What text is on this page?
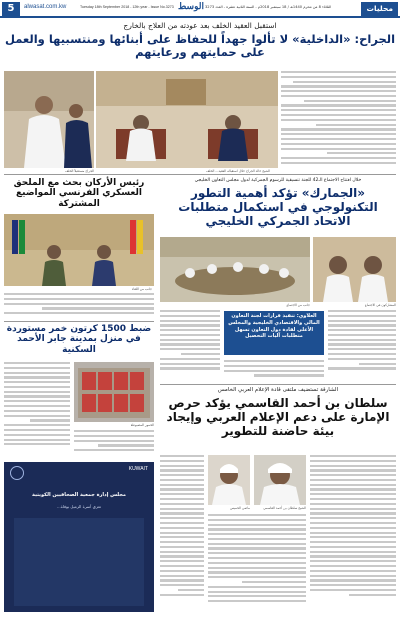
5	alwasat.com.kw	Tuesday 18th September 2018 - 12th year - Issue No.3273 الوسط الثلاثاء 8 من محرم 1440هـ / 18 سبتمبر 2018م - السنة الثانية عشرة - العدد 3273	محليات
استقبل العقيد الخلف بعد عودته من العلاج بالخارج
الجراح: «الداخلية» لا تألوا جهداً للحفاظ على أبنائها ومنتسبيها والعمل على حمايتهم ورعايتهم
الجراح مستقبلاً الخلف	الشيخ خالد الجراح خلال استقباله العقيد... الخلف
رئيس الأركان بحث مع الملحق العسكري الفرنسي المواضيع المشتركة
جانب من اللقاء
ضبط 1500 كرتون خمر مستوردة في منزل بمدينة جابر الأحمد السكنية
الخمور المضبوطة
KUWAIT
مجلس إدارة جمعية الصحافيين الكويتية
تعزي أسرة الزميل بوفاة...
خلال افتتاح الاجتماع الـ42 للجنة تنسيقية للرسوم الجمركية لدول مجلس التعاون الخليجي
«الجمارك» تؤكد أهمية التطور التكنولوجي في استكمال متطلبات الاتحاد الجمركي الخليجي
جانب من الاجتماع	المشاركون في الاجتماع
العلاوي: تنفيذ قرارات لجنة التعاون المالي والاقتصادي الخليجية والمجلس الأعلى لقادة دول التعاون تسهل متطلبات آليات التحصيل
الشارقة تستضيف ملتقى قادة الإعلام العربي الخامس
سلطان بن أحمد القاسمي يؤكد حرص الإمارة على دعم الإعلام العربي وإيجاد بيئة حاضنة للتطوير
ماضي الخميس	الشيخ سلطان بن أحمد القاسمي
